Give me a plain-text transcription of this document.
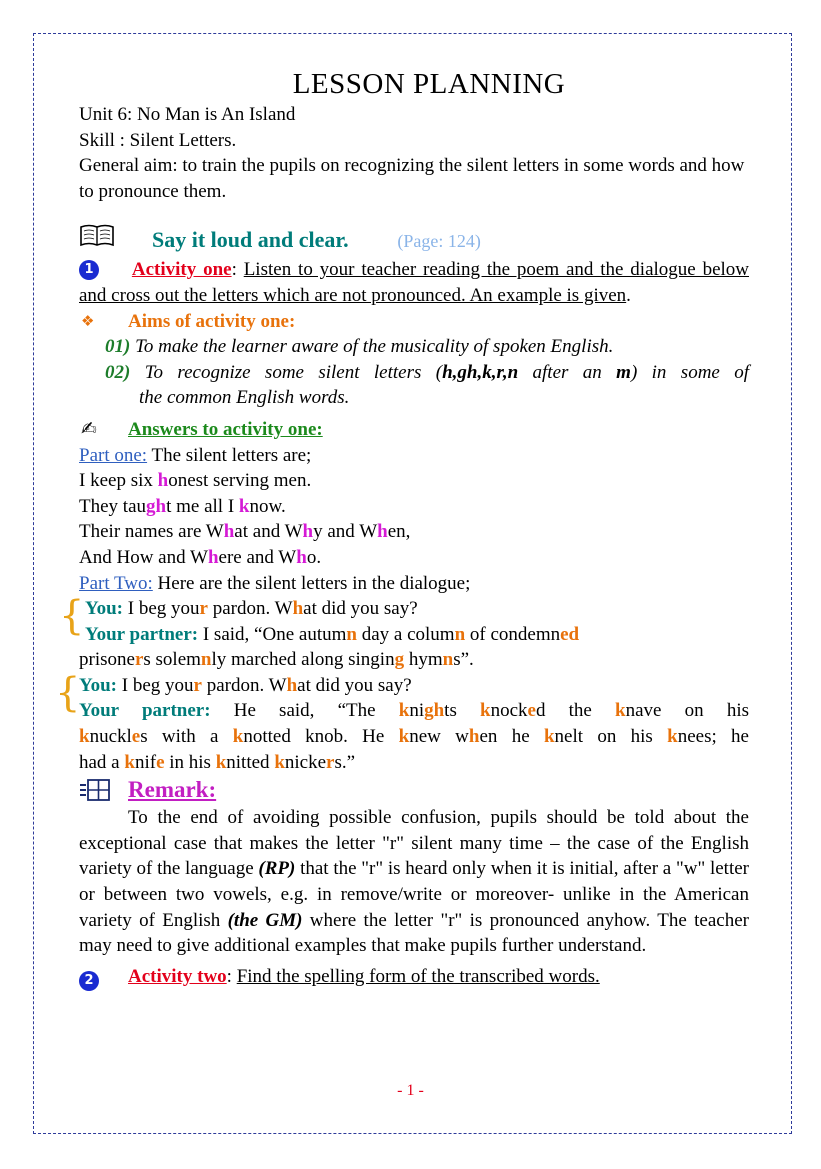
LESSON PLANNING
Unit 6: No Man is An Island
Skill : Silent Letters.
General aim: to train the pupils on recognizing the silent letters in some words and how to pronounce them.
Say it loud and clear.	(Page: 124)
1 Activity one: Listen to your teacher reading the poem and the dialogue below and cross out the letters which are not pronounced. An example is given.
❖ Aims of activity one:
01) To make the learner aware of the musicality of spoken English.
02) To recognize some silent letters (h,gh,k,r,n after an m) in some of
the common English words.
✍ Answers to activity one:
Part one: The silent letters are;
I keep six honest serving men.
They taught me all I know.
Their names are What and Why and When,
And How and Where and Who.
Part Two: Here are the silent letters in the dialogue;
{ You: I beg your pardon. What did you say?
Your partner: I said, “One autumn day a column of condemned
prisoners solemnly marched along singing hymns”.
{
You: I beg your pardon. What did you say?
Your partner: He said, “The knights knocked the knave on his
knuckles with a knotted knob. He knew when he knelt on his knees; he
had a knife in his knitted knickers.”
Remark:
To the end of avoiding possible confusion, pupils should be told about the exceptional case that makes the letter "r" silent many time – the case of the English variety of the language (RP) that the "r" is heard only when it is initial, after a "w" letter or between two vowels, e.g. in remove/write or moreover- unlike in the American variety of English (the GM) where the letter "r" is pronounced anyhow. The teacher may need to give additional examples that make pupils further understand.
2 Activity two: Find the spelling form of the transcribed words.
- 1 -
